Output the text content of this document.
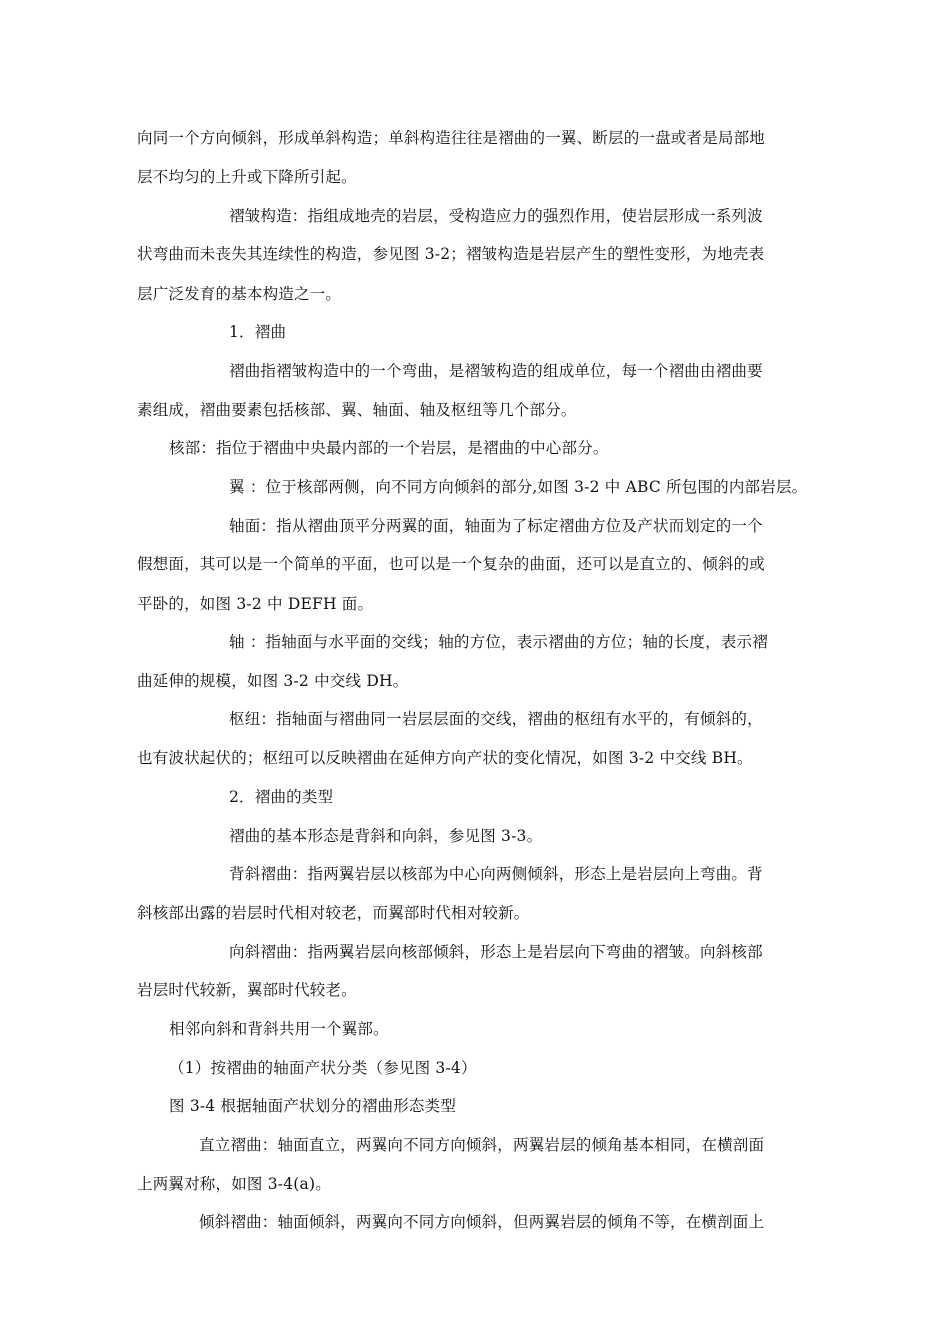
向同一个方向倾斜，形成单斜构造；单斜构造往往是褶曲的一翼、断层的一盘或者是局部地
层不均匀的上升或下降所引起。
褶皱构造：指组成地壳的岩层，受构造应力的强烈作用，使岩层形成一系列波
状弯曲而未丧失其连续性的构造，参见图 3-2；褶皱构造是岩层产生的塑性变形，为地壳表
层广泛发育的基本构造之一。
1．褶曲
褶曲指褶皱构造中的一个弯曲，是褶皱构造的组成单位，每一个褶曲由褶曲要
素组成，褶曲要素包括核部、翼、轴面、轴及枢纽等几个部分。
核部：指位于褶曲中央最内部的一个岩层，是褶曲的中心部分。
翼 ：位于核部两侧，向不同方向倾斜的部分,如图 3-2 中 ABC 所包围的内部岩层。
轴面：指从褶曲顶平分两翼的面，轴面为了标定褶曲方位及产状而划定的一个
假想面，其可以是一个简单的平面，也可以是一个复杂的曲面，还可以是直立的、倾斜的或
平卧的，如图 3-2 中 DEFH 面。
轴 ：指轴面与水平面的交线；轴的方位，表示褶曲的方位；轴的长度，表示褶
曲延伸的规模，如图 3-2 中交线 DH。
枢纽：指轴面与褶曲同一岩层层面的交线，褶曲的枢纽有水平的，有倾斜的，
也有波状起伏的；枢纽可以反映褶曲在延伸方向产状的变化情况，如图 3-2 中交线 BH。
2．褶曲的类型
褶曲的基本形态是背斜和向斜，参见图 3-3。
背斜褶曲：指两翼岩层以核部为中心向两侧倾斜，形态上是岩层向上弯曲。背
斜核部出露的岩层时代相对较老，而翼部时代相对较新。
向斜褶曲：指两翼岩层向核部倾斜，形态上是岩层向下弯曲的褶皱。向斜核部
岩层时代较新，翼部时代较老。
相邻向斜和背斜共用一个翼部。
（1）按褶曲的轴面产状分类（参见图 3-4）
图 3-4 根据轴面产状划分的褶曲形态类型
直立褶曲：轴面直立，两翼向不同方向倾斜，两翼岩层的倾角基本相同，在横剖面
上两翼对称，如图 3-4(a)。
倾斜褶曲：轴面倾斜，两翼向不同方向倾斜，但两翼岩层的倾角不等，在横剖面上
